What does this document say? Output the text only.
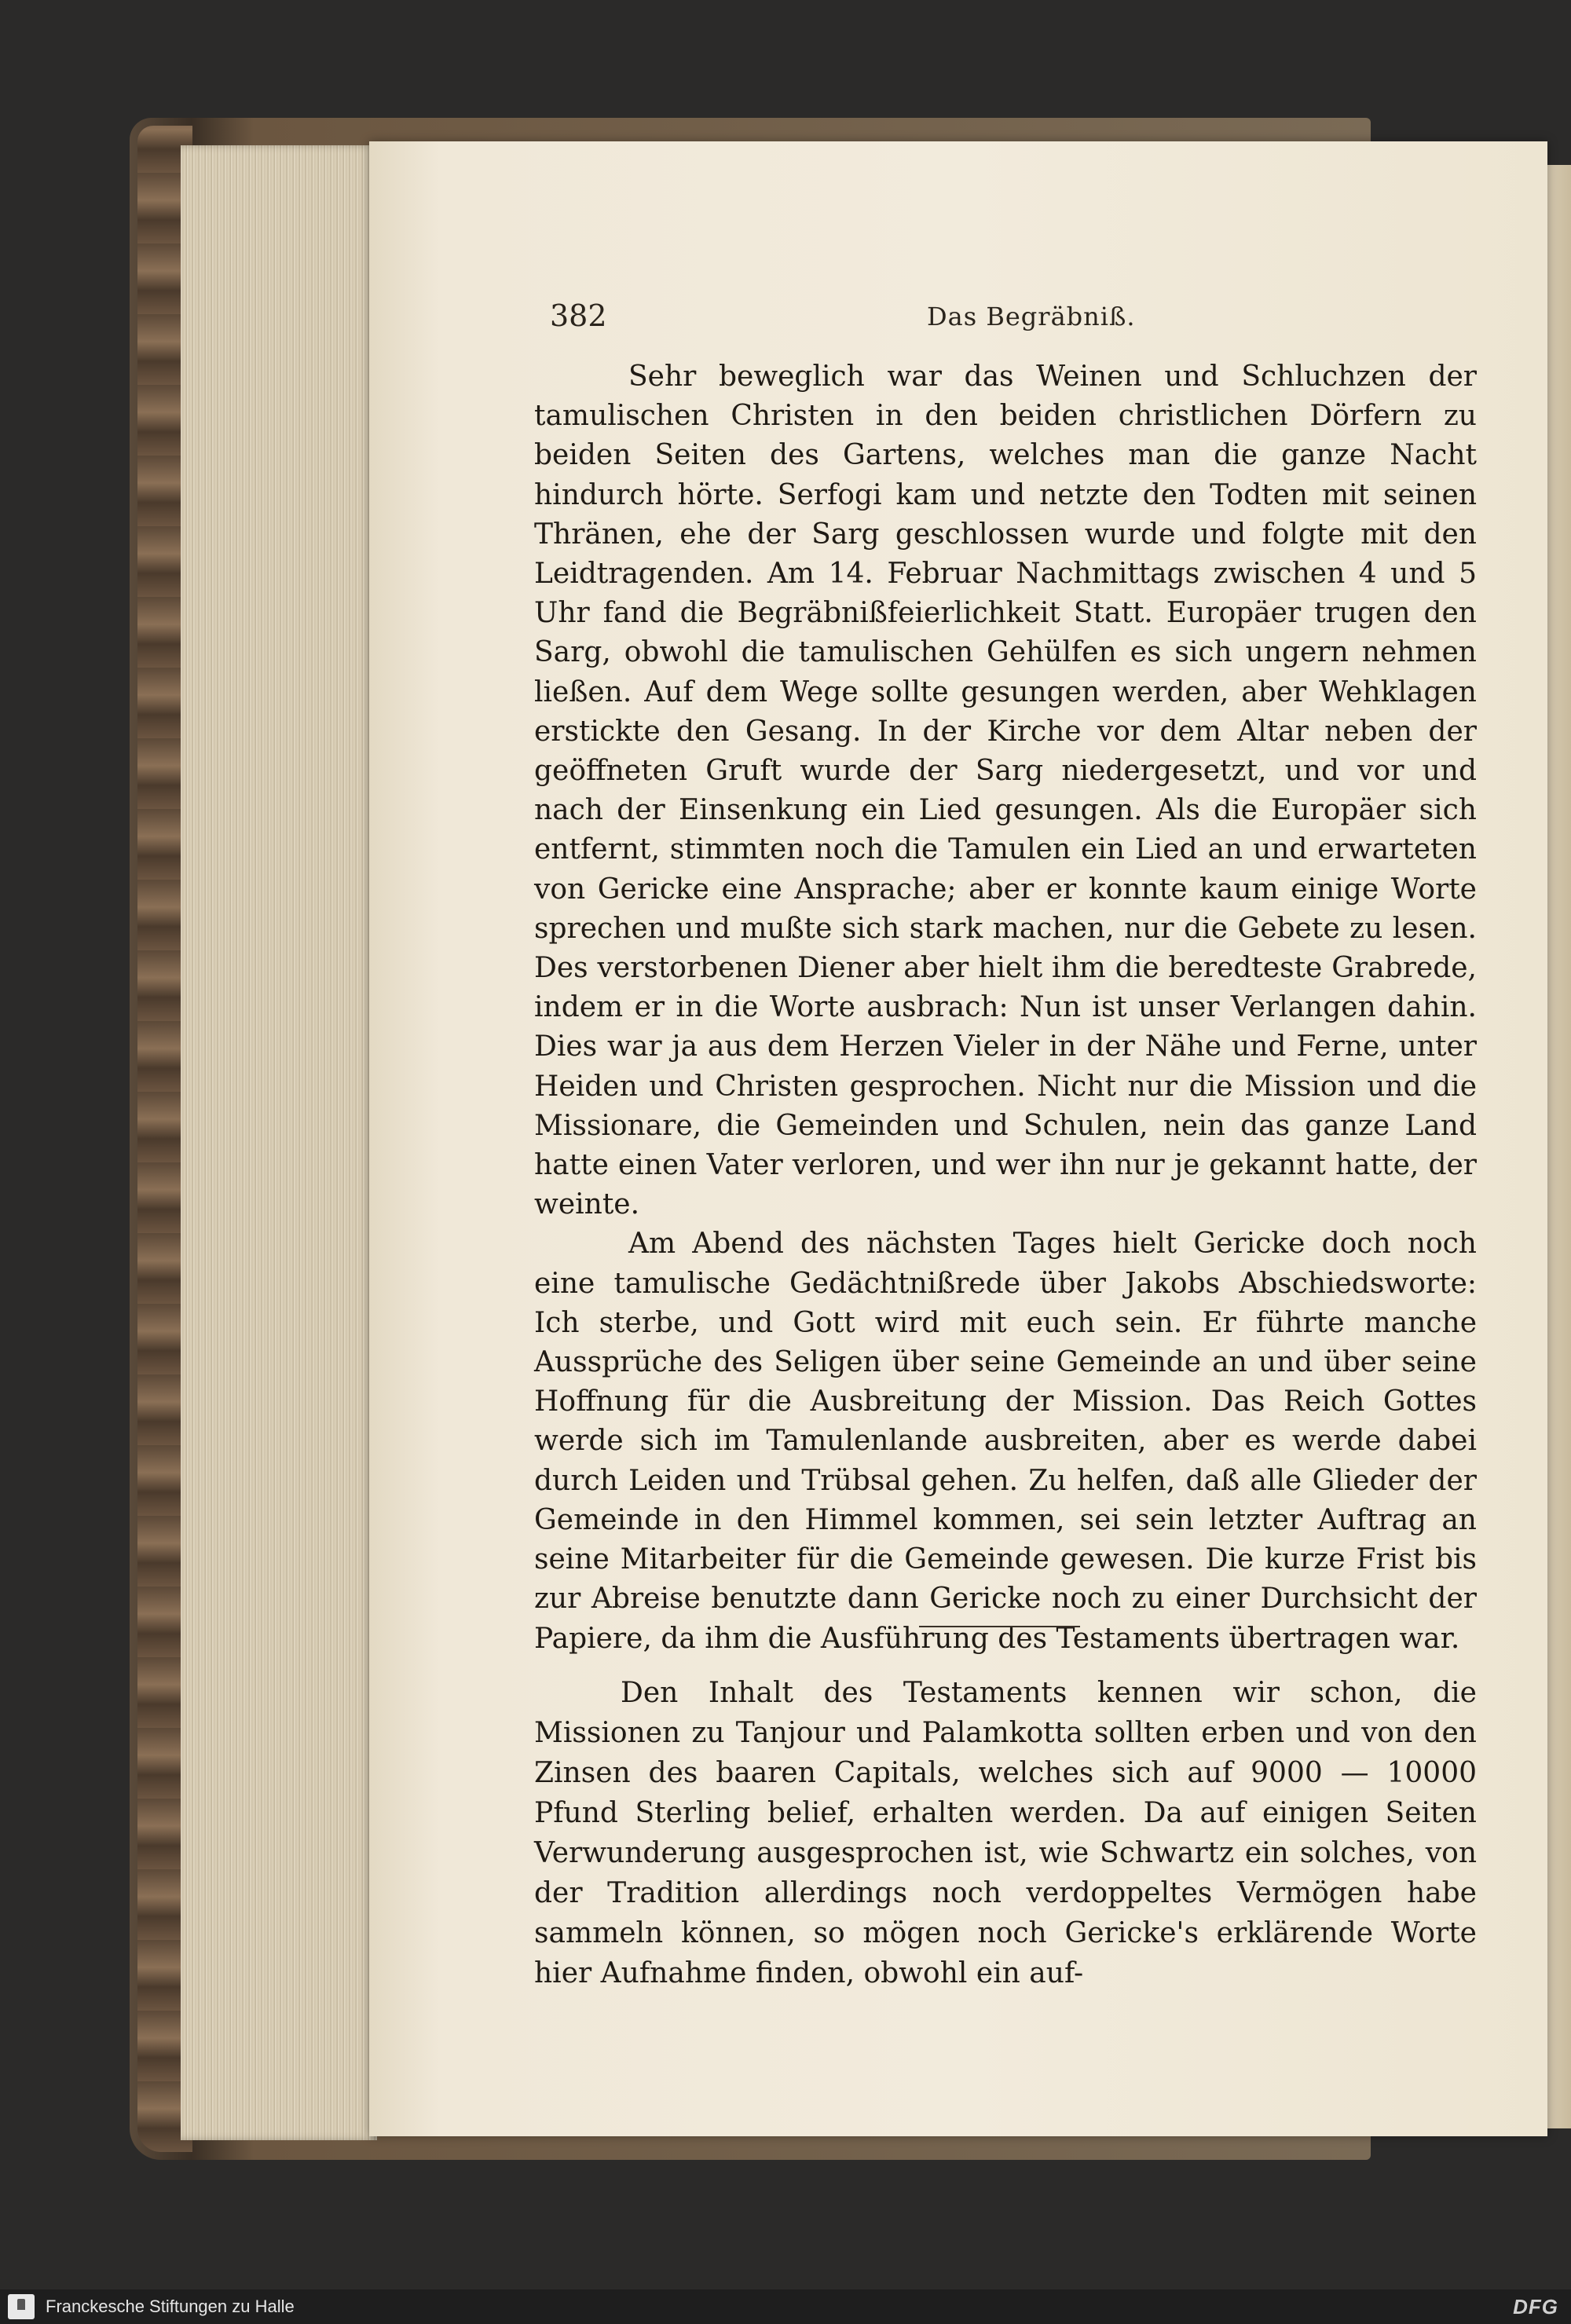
382	Das Begräbniß.

Sehr beweglich war das Weinen und Schluchzen der tamulischen Christen in den beiden christlichen Dörfern zu beiden Seiten des Gartens, welches man die ganze Nacht hindurch hörte. Serfogi kam und netzte den Todten mit seinen Thränen, ehe der Sarg geschlossen wurde und folgte mit den Leidtragenden. Am 14. Februar Nachmittags zwischen 4 und 5 Uhr fand die Begräbnißfeierlichkeit Statt. Europäer trugen den Sarg, obwohl die tamulischen Gehülfen es sich ungern nehmen ließen. Auf dem Wege sollte gesungen werden, aber Wehklagen erstickte den Gesang. In der Kirche vor dem Altar neben der geöffneten Gruft wurde der Sarg niedergesetzt, und vor und nach der Einsenkung ein Lied gesungen. Als die Europäer sich entfernt, stimmten noch die Tamulen ein Lied an und erwarteten von Gericke eine Ansprache; aber er konnte kaum einige Worte sprechen und mußte sich stark machen, nur die Gebete zu lesen. Des verstorbenen Diener aber hielt ihm die beredteste Grabrede, indem er in die Worte ausbrach: Nun ist unser Verlangen dahin. Dies war ja aus dem Herzen Vieler in der Nähe und Ferne, unter Heiden und Christen gesprochen. Nicht nur die Mission und die Missionare, die Gemeinden und Schulen, nein das ganze Land hatte einen Vater verloren, und wer ihn nur je gekannt hatte, der weinte.

Am Abend des nächsten Tages hielt Gericke doch noch eine tamulische Gedächtnißrede über Jakobs Abschiedsworte: Ich sterbe, und Gott wird mit euch sein. Er führte manche Aussprüche des Seligen über seine Gemeinde an und über seine Hoffnung für die Ausbreitung der Mission. Das Reich Gottes werde sich im Tamulenlande ausbreiten, aber es werde dabei durch Leiden und Trübsal gehen. Zu helfen, daß alle Glieder der Gemeinde in den Himmel kommen, sei sein letzter Auftrag an seine Mitarbeiter für die Gemeinde gewesen. Die kurze Frist bis zur Abreise benutzte dann Gericke noch zu einer Durchsicht der Papiere, da ihm die Ausführung des Testaments übertragen war.

Den Inhalt des Testaments kennen wir schon, die Missionen zu Tanjour und Palamkotta sollten erben und von den Zinsen des baaren Capitals, welches sich auf 9000 — 10000 Pfund Sterling belief, erhalten werden. Da auf einigen Seiten Verwunderung ausgesprochen ist, wie Schwartz ein solches, von der Tradition allerdings noch verdoppeltes Vermögen habe sammeln können, so mögen noch Gericke's erklärende Worte hier Aufnahme finden, obwohl ein auf-

Franckesche Stiftungen zu Halle	DFG
